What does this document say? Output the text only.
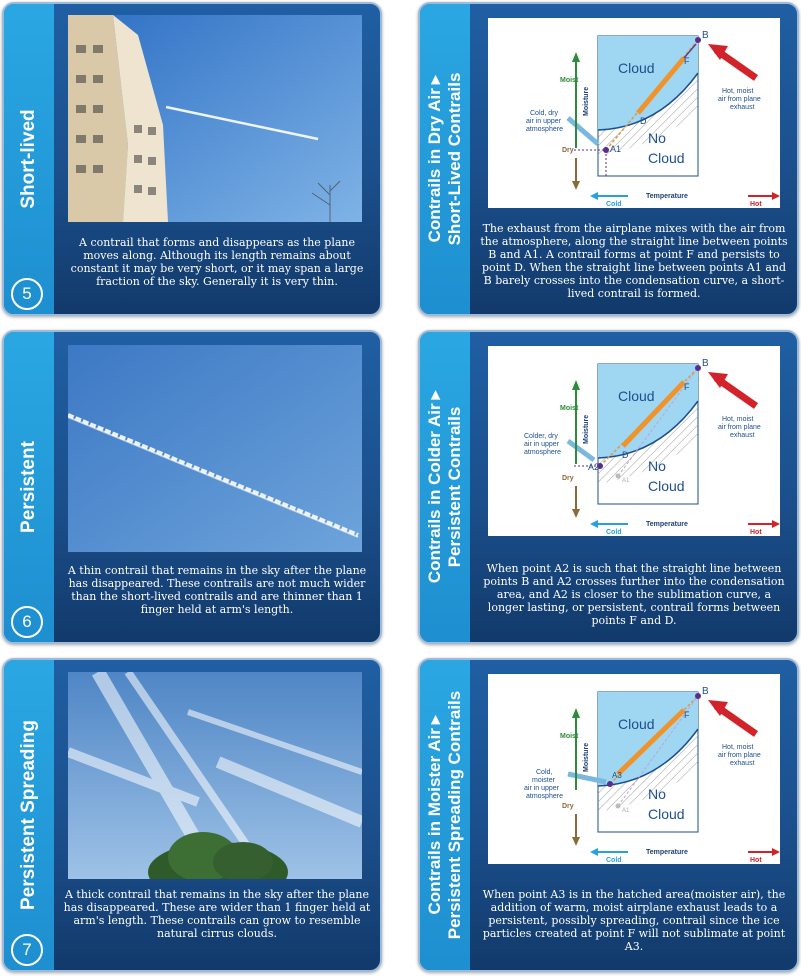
Short-lived
5
A contrail that forms and disappears as the plane moves along. Although its length remains about constant it may be very short, or it may span a large fraction of the sky. Generally it is very thin.
Contrails in Dry Air▸ Short-Lived Contrails
Cloud
No
Cloud
B
F
D
A1
Hot, moist
air from plane
exhaust
Cold, dry
air in upper
atmosphere
Moist
Dry
Moisture
Temperature
Cold	Hot
The exhaust from the airplane mixes with the air from the atmosphere, along the straight line between points B and A1. A contrail forms at point F and persists to point D. When the straight line between points A1 and B barely crosses into the condensation curve, a short-lived contrail is formed.
Persistent
6
A thin contrail that remains in the sky after the plane has disappeared. These contrails are not much wider than the short-lived contrails and are thinner than 1 finger held at arm's length.
Contrails in Colder Air▸
Persistent Contrails
Cloud
No
Cloud
B
F
D
A2
A1
Hot, moist
air from plane
exhaust
Colder, dry
air in upper
atmosphere
Moist
Dry
Moisture
Temperature
Cold	Hot
When point A2 is such that the straight line between points B and A2 crosses further into the condensation area, and A2 is closer to the sublimation curve, a longer lasting, or persistent, contrail forms between points F and D.
Persistent Spreading
7
A thick contrail that remains in the sky after the plane has disappeared. These are wider than 1 finger held at arm's length. These contrails can grow to resemble natural cirrus clouds.
Contrails in Moister Air▸ Persistent Spreading Contrails	Cloud
No
Cloud
B
F
A3
A1
Hot, moist
air from plane
exhaust
Cold,
moister
air in upper
atmosphere
Moist
Dry
Moisture
Temperature
Cold	Hot
When point A3 is in the hatched area(moister air), the addition of warm, moist airplane exhaust leads to a persistent, possibly spreading, contrail since the ice particles created at point F will not sublimate at point A3.
